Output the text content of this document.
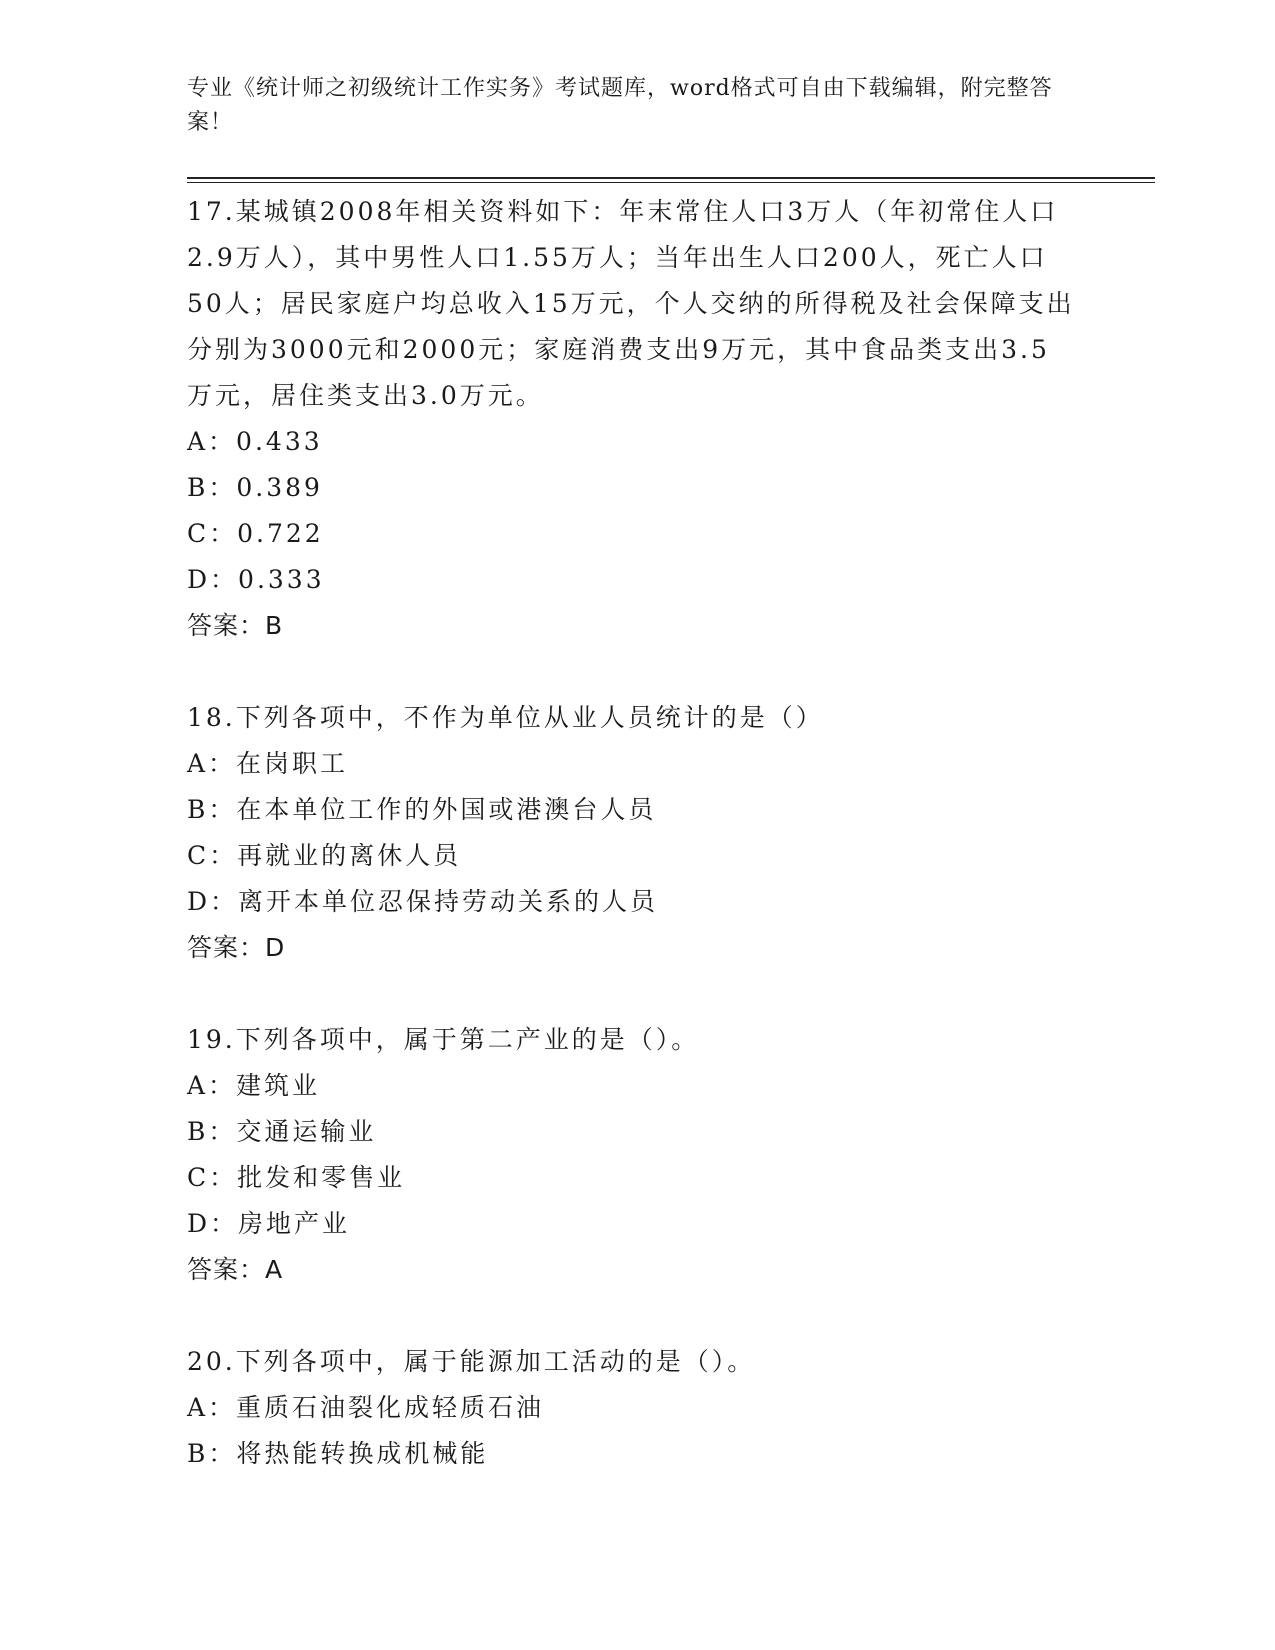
专业《统计师之初级统计工作实务》考试题库，word格式可自由下载编辑，附完整答案！
17.某城镇2008年相关资料如下：年末常住人口3万人（年初常住人口2.9万人），其中男性人口1.55万人；当年出生人口200人，死亡人口50人；居民家庭户均总收入15万元，个人交纳的所得税及社会保障支出分别为3000元和2000元；家庭消费支出9万元，其中食品类支出3.5万元，居住类支出3.0万元。
A：0.433
B：0.389
C：0.722
D：0.333
答案：B
18.下列各项中，不作为单位从业人员统计的是（）
A：在岗职工
B：在本单位工作的外国或港澳台人员
C：再就业的离休人员
D：离开本单位忍保持劳动关系的人员
答案：D
19.下列各项中，属于第二产业的是（）。
A：建筑业
B：交通运输业
C：批发和零售业
D：房地产业
答案：A
20.下列各项中，属于能源加工活动的是（）。
A：重质石油裂化成轻质石油
B：将热能转换成机械能
